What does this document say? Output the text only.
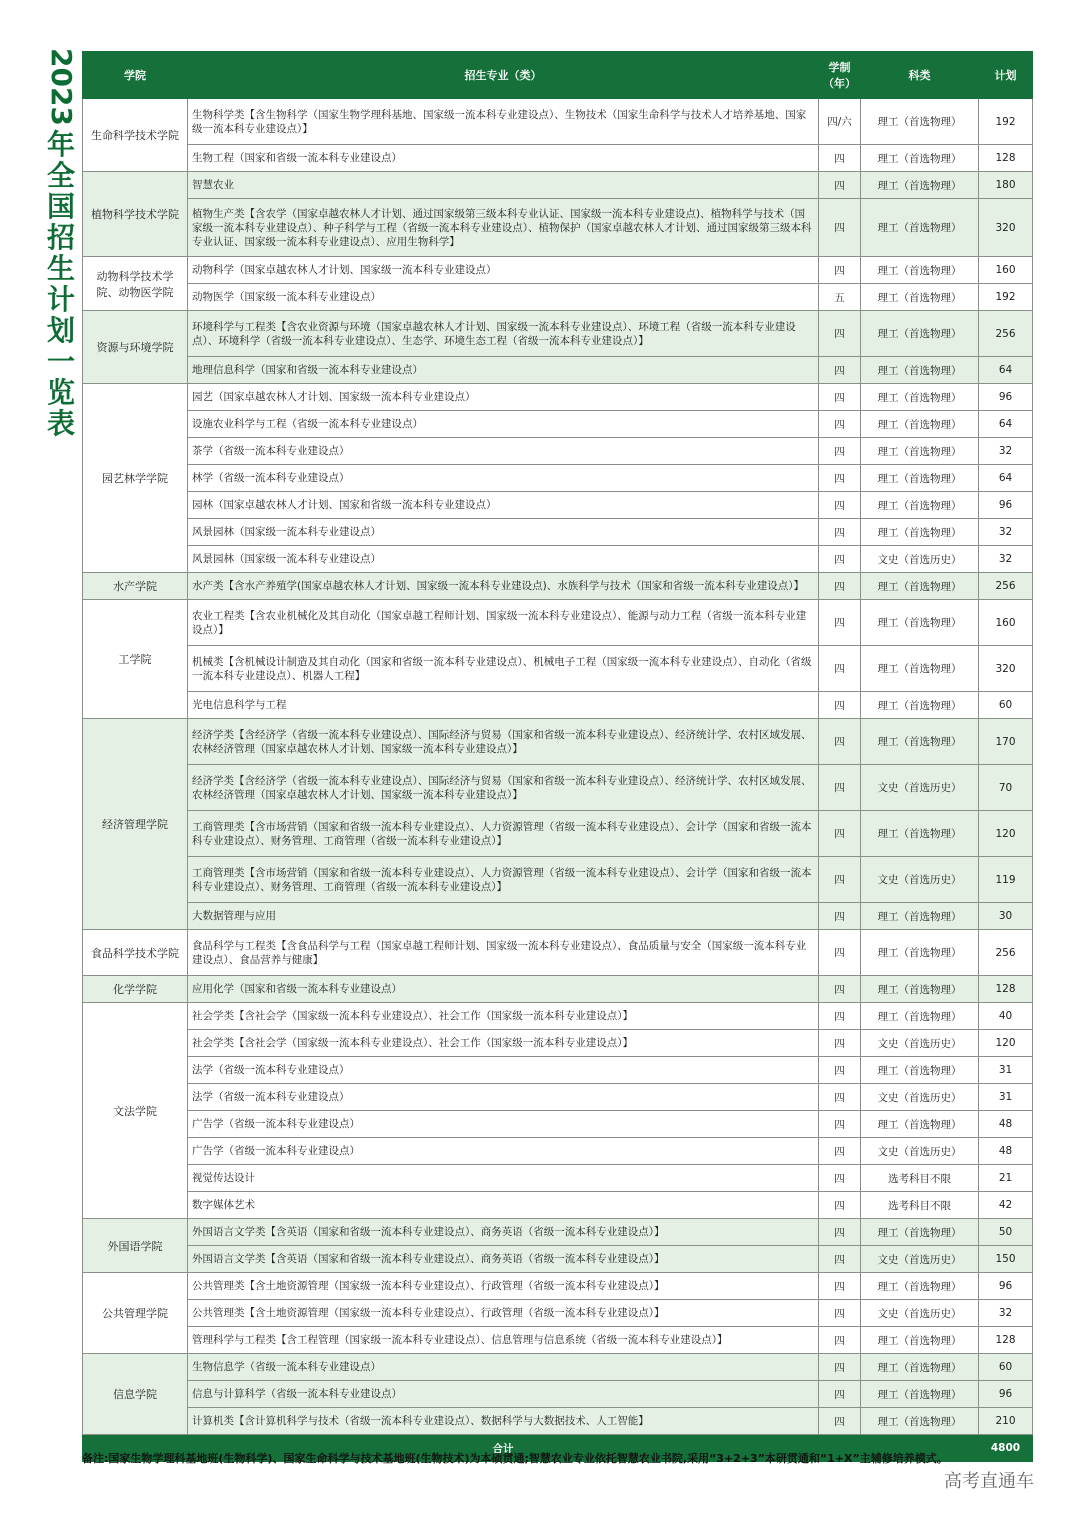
2023
年
全
国
招
生
计
划
一
览
表
学院	招生专业（类）	学制（年）	科类	计划
生命科学技术学院	生物科学类【含生物科学（国家生物学理科基地、国家级一流本科专业建设点）、生物技术（国家生命科学与技术人才培养基地、国家级一流本科专业建设点）】	四/六	理工（首选物理）	192
	生物工程（国家和省级一流本科专业建设点）	四	理工（首选物理）	128
植物科学技术学院	智慧农业	四	理工（首选物理）	180
	植物生产类【含农学（国家卓越农林人才计划、通过国家级第三级本科专业认证、国家级一流本科专业建设点)、植物科学与技术（国家级一流本科专业建设点）、种子科学与工程（省级一流本科专业建设点）、植物保护（国家卓越农林人才计划、通过国家级第三级本科专业认证、国家级一流本科专业建设点）、应用生物科学】	四	理工（首选物理）	320
动物科学技术学院、动物医学院	动物科学（国家卓越农林人才计划、国家级一流本科专业建设点）	四	理工（首选物理）	160
	动物医学（国家级一流本科专业建设点）	五	理工（首选物理）	192
资源与环境学院	环境科学与工程类【含农业资源与环境（国家卓越农林人才计划、国家级一流本科专业建设点）、环境工程（省级一流本科专业建设点）、环境科学（省级一流本科专业建设点）、生态学、环境生态工程（省级一流本科专业建设点）】	四	理工（首选物理）	256
	地理信息科学（国家和省级一流本科专业建设点）	四	理工（首选物理）	64
园艺林学学院	园艺（国家卓越农林人才计划、国家级一流本科专业建设点）	四	理工（首选物理）	96
	设施农业科学与工程（省级一流本科专业建设点）	四	理工（首选物理）	64
	茶学（省级一流本科专业建设点）	四	理工（首选物理）	32
	林学（省级一流本科专业建设点）	四	理工（首选物理）	64
	园林（国家卓越农林人才计划、国家和省级一流本科专业建设点）	四	理工（首选物理）	96
	风景园林（国家级一流本科专业建设点）	四	理工（首选物理）	32
	风景园林（国家级一流本科专业建设点）	四	文史（首选历史）	32
水产学院	水产类【含水产养殖学(国家卓越农林人才计划、国家级一流本科专业建设点)、水族科学与技术（国家和省级一流本科专业建设点）】	四	理工（首选物理）	256
工学院	农业工程类【含农业机械化及其自动化（国家卓越工程师计划、国家级一流本科专业建设点）、能源与动力工程（省级一流本科专业建设点）】	四	理工（首选物理）	160
	机械类【含机械设计制造及其自动化（国家和省级一流本科专业建设点）、机械电子工程（国家级一流本科专业建设点）、自动化（省级一流本科专业建设点）、机器人工程】	四	理工（首选物理）	320
	光电信息科学与工程	四	理工（首选物理）	60
经济管理学院	经济学类【含经济学（省级一流本科专业建设点）、国际经济与贸易（国家和省级一流本科专业建设点）、经济统计学、农村区域发展、农林经济管理（国家卓越农林人才计划、国家级一流本科专业建设点）】	四	理工（首选物理）	170
	经济学类【含经济学（省级一流本科专业建设点）、国际经济与贸易（国家和省级一流本科专业建设点）、经济统计学、农村区域发展、农林经济管理（国家卓越农林人才计划、国家级一流本科专业建设点）】	四	文史（首选历史）	70
	工商管理类【含市场营销（国家和省级一流本科专业建设点）、人力资源管理（省级一流本科专业建设点）、会计学（国家和省级一流本科专业建设点）、财务管理、工商管理（省级一流本科专业建设点）】	四	理工（首选物理）	120
	工商管理类【含市场营销（国家和省级一流本科专业建设点）、人力资源管理（省级一流本科专业建设点）、会计学（国家和省级一流本科专业建设点）、财务管理、工商管理（省级一流本科专业建设点）】	四	文史（首选历史）	119
	大数据管理与应用	四	理工（首选物理）	30
食品科学技术学院	食品科学与工程类【含食品科学与工程（国家卓越工程师计划、国家级一流本科专业建设点）、食品质量与安全（国家级一流本科专业建设点）、食品营养与健康】	四	理工（首选物理）	256
化学学院	应用化学（国家和省级一流本科专业建设点）	四	理工（首选物理）	128
文法学院	社会学类【含社会学（国家级一流本科专业建设点）、社会工作（国家级一流本科专业建设点）】	四	理工（首选物理）	40
	社会学类【含社会学（国家级一流本科专业建设点）、社会工作（国家级一流本科专业建设点）】	四	文史（首选历史）	120
	法学（省级一流本科专业建设点）	四	理工（首选物理）	31
	法学（省级一流本科专业建设点）	四	文史（首选历史）	31
	广告学（省级一流本科专业建设点）	四	理工（首选物理）	48
	广告学（省级一流本科专业建设点）	四	文史（首选历史）	48
	视觉传达设计	四	选考科目不限	21
	数字媒体艺术	四	选考科目不限	42
外国语学院	外国语言文学类【含英语（国家和省级一流本科专业建设点）、商务英语（省级一流本科专业建设点）】	四	理工（首选物理）	50
	外国语言文学类【含英语（国家和省级一流本科专业建设点）、商务英语（省级一流本科专业建设点）】	四	文史（首选历史）	150
公共管理学院	公共管理类【含土地资源管理（国家级一流本科专业建设点）、行政管理（省级一流本科专业建设点）】	四	理工（首选物理）	96
	公共管理类【含土地资源管理（国家级一流本科专业建设点）、行政管理（省级一流本科专业建设点）】	四	文史（首选历史）	32
	管理科学与工程类【含工程管理（国家级一流本科专业建设点）、信息管理与信息系统（省级一流本科专业建设点）】	四	理工（首选物理）	128
信息学院	生物信息学（省级一流本科专业建设点）	四	理工（首选物理）	60
	信息与计算科学（省级一流本科专业建设点）	四	理工（首选物理）	96
	计算机类【含计算机科学与技术（省级一流本科专业建设点）、数据科学与大数据技术、人工智能】	四	理工（首选物理）	210
	合计			4800
备注:国家生物学理科基地班(生物科学)、国家生命科学与技术基地班(生物技术)为本硕贯通;智慧农业专业依托智慧农业书院,采用“3+2+3”本研贯通和“1+X”主辅修培养模式。
高考直通车
